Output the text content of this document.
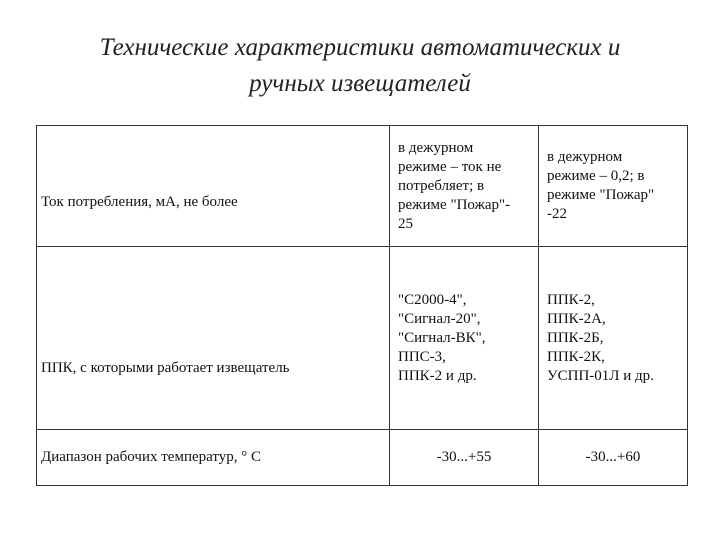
Технические характеристики автоматических и
ручных извещателей
Ток потребления, мА, не более	в дежурном
режиме – ток не
потребляет; в
режиме "Пожар"-
25	в дежурном
режиме – 0,2; в
режиме "Пожар"
-22

ППК, с которыми работает извещатель	"С2000-4",
"Сигнал-20",
"Сигнал-ВК",
ППС-3,
ППК-2 и др.	ППК-2,
ППК-2А,
ППК-2Б,
ППК-2К,
УСПП-01Л и др.

Диапазон рабочих температур, ° С	-30...+55	-30...+60
